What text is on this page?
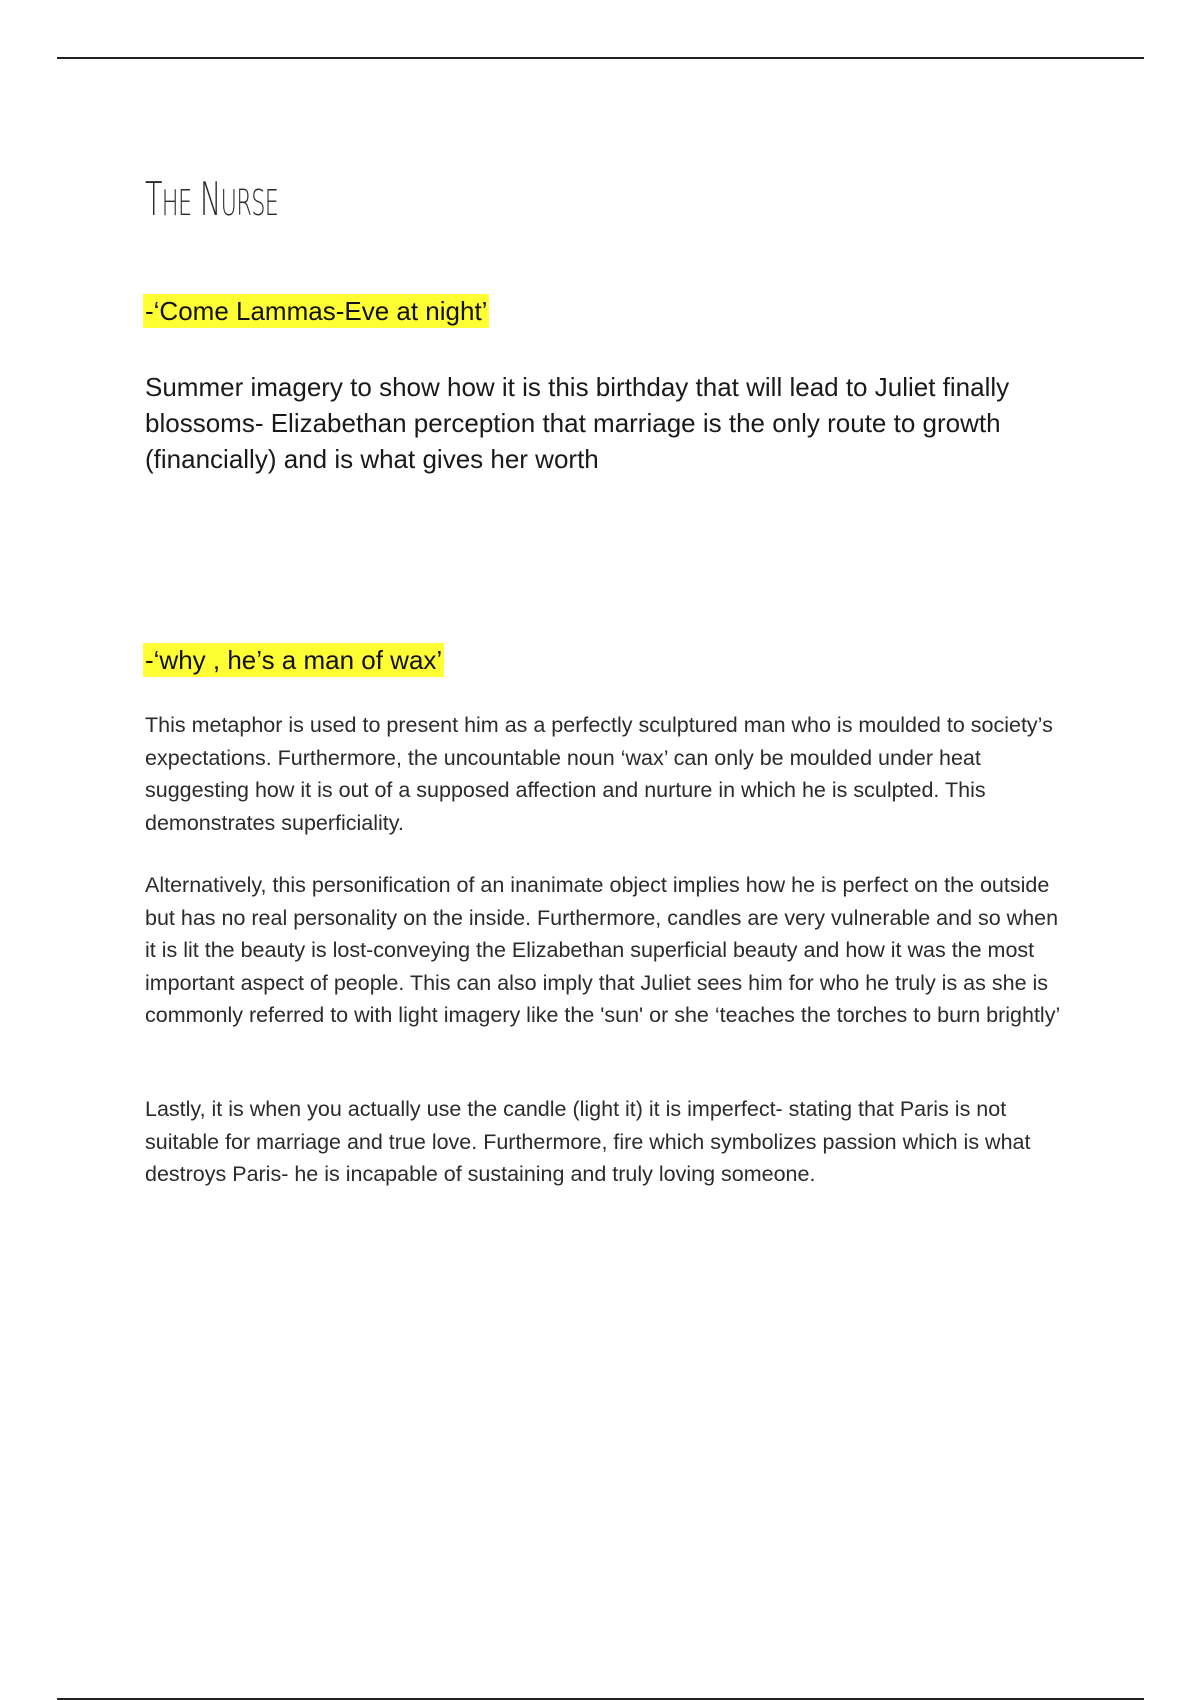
THE NURSE
-‘Come Lammas-Eve at night’

Summer imagery to show how it is this birthday that will lead to Juliet finally blossoms- Elizabethan perception that marriage is the only route to growth (financially) and is what gives her worth

-‘why , he’s a man of wax’

This metaphor is used to present him as a perfectly sculptured man who is moulded to society’s expectations. Furthermore, the uncountable noun ‘wax’ can only be moulded under heat suggesting how it is out of a supposed affection and nurture in which he is sculpted. This demonstrates superficiality.

Alternatively, this personification of an inanimate object implies how he is perfect on the outside but has no real personality on the inside. Furthermore, candles are very vulnerable and so when it is lit the beauty is lost-conveying the Elizabethan superficial beauty and how it was the most important aspect of people. This can also imply that Juliet sees him for who he truly is as she is commonly referred to with light imagery like the 'sun' or she ‘teaches the torches to burn brightly’

Lastly, it is when you actually use the candle (light it) it is imperfect- stating that Paris is not suitable for marriage and true love. Furthermore, fire which symbolizes passion which is what destroys Paris- he is incapable of sustaining and truly loving someone.
